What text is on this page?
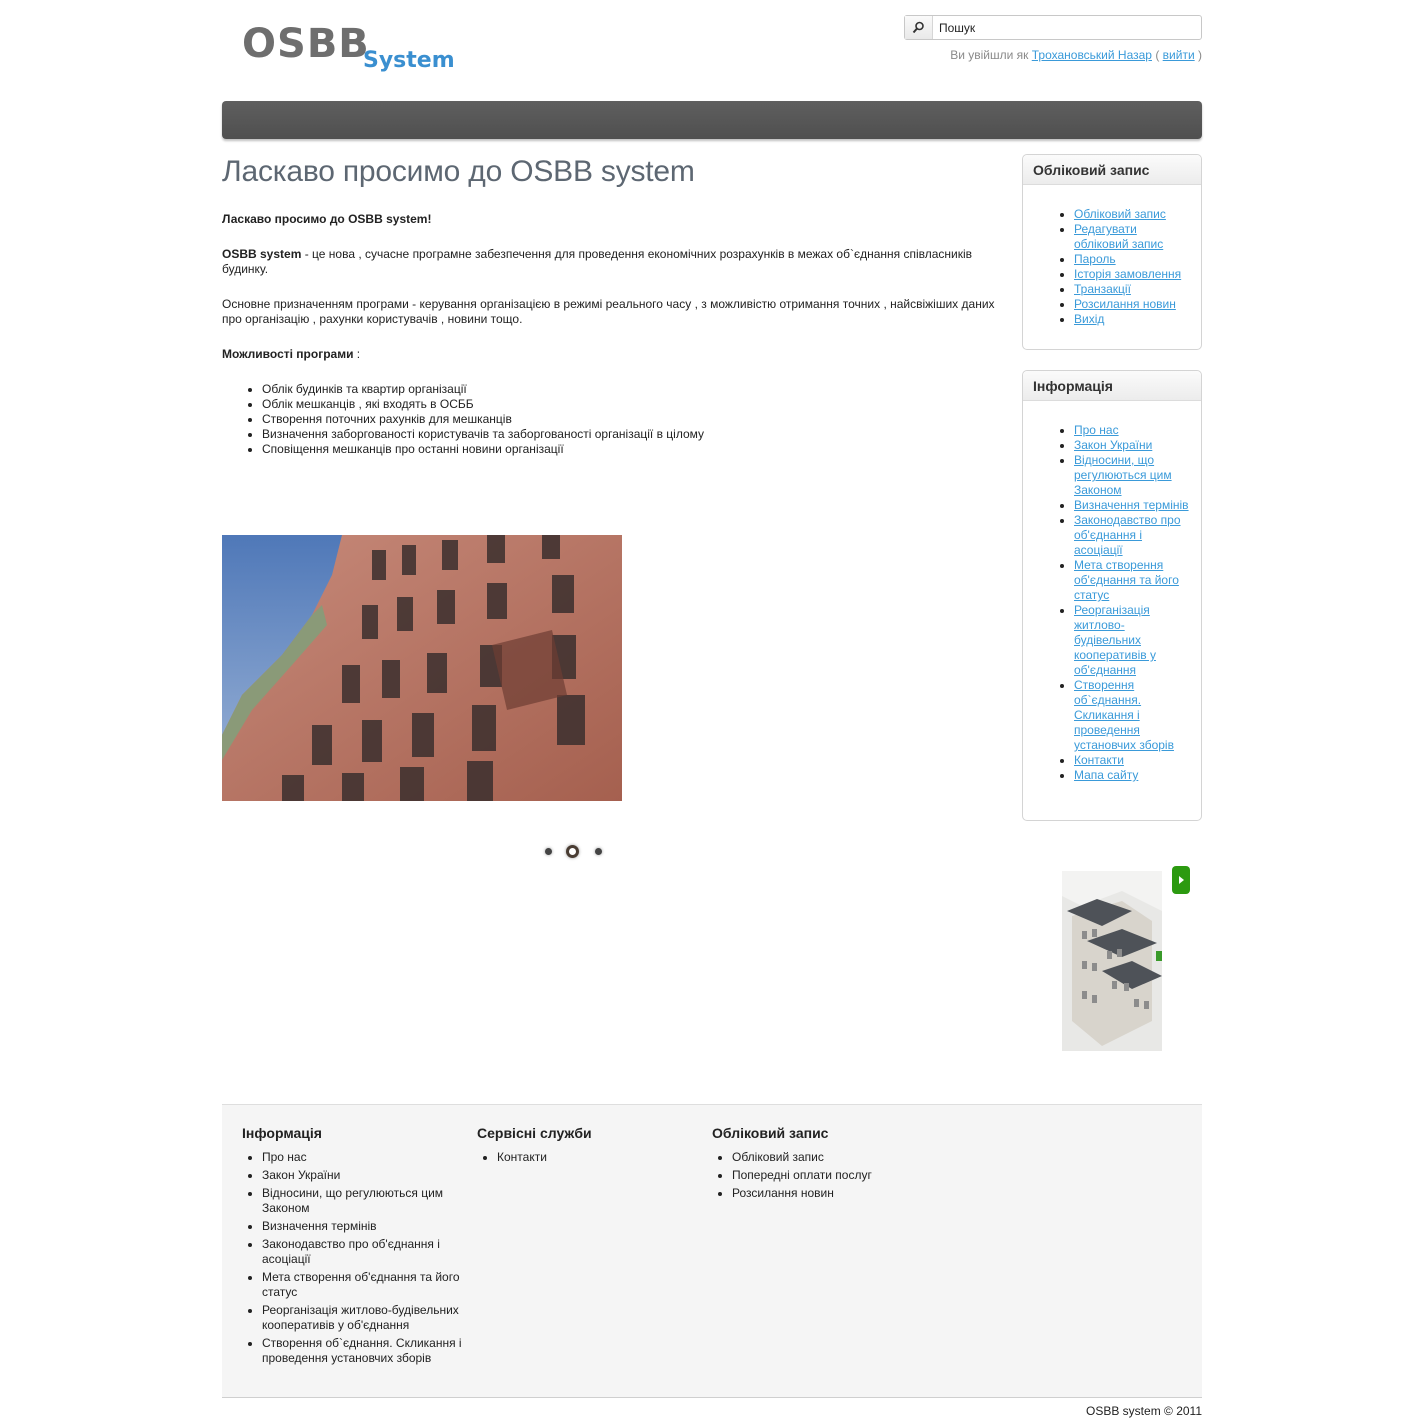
OSBB
System
Пошук	Ви увійшли як Трохановський Назар ( вийти )
Ласкаво просимо до OSBB system

Ласкаво просимо до OSBB system!

OSBB system - це нова , сучасне програмне забезпечення для проведення економічних розрахунків в межах об`єднання співласників будинку.

Основне призначенням програми - керування організацією в режимі реального часу , з можливістю отримання точних , найсвіжіших даних про організацію , рахунки користувачів , новини тощо.

Можливості програми :

• Облік будинків та квартир організації
• Облік мешканців , які входять в ОСББ
• Створення поточних рахунків для мешканців
• Визначення заборгованості користувачів та заборгованості організації в цілому
• Сповіщення мешканців про останні новини організації
Обліковий запис
• Обліковий запис
• Редагувати обліковий запис
• Пароль
• Історія замовлення
• Транзакції
• Розсилання новин
• Вихід
Інформація
• Про нас
• Закон України
• Відносини, що регулюються цим Законом
• Визначення термінів
• Законодавство про об'єднання і асоціації
• Мета створення об'єднання та його статус
• Реорганізація житлово-будівельних кооперативів у об'єднання
• Створення об`єднання. Скликання і проведення установчих зборів
• Контакти
• Мапа сайту
Інформація
• Про нас
• Закон України
• Відносини, що регулюються цим Законом
• Визначення термінів
• Законодавство про об'єднання і асоціації
• Мета створення об'єднання та його статус
• Реорганізація житлово-будівельних кооперативів у об'єднання
• Створення об`єднання. Скликання і проведення установчих зборів
Сервісні служби
• Контакти
Обліковий запис
• Обліковий запис
• Попередні оплати послуг
• Розсилання новин
OSBB system © 2011
